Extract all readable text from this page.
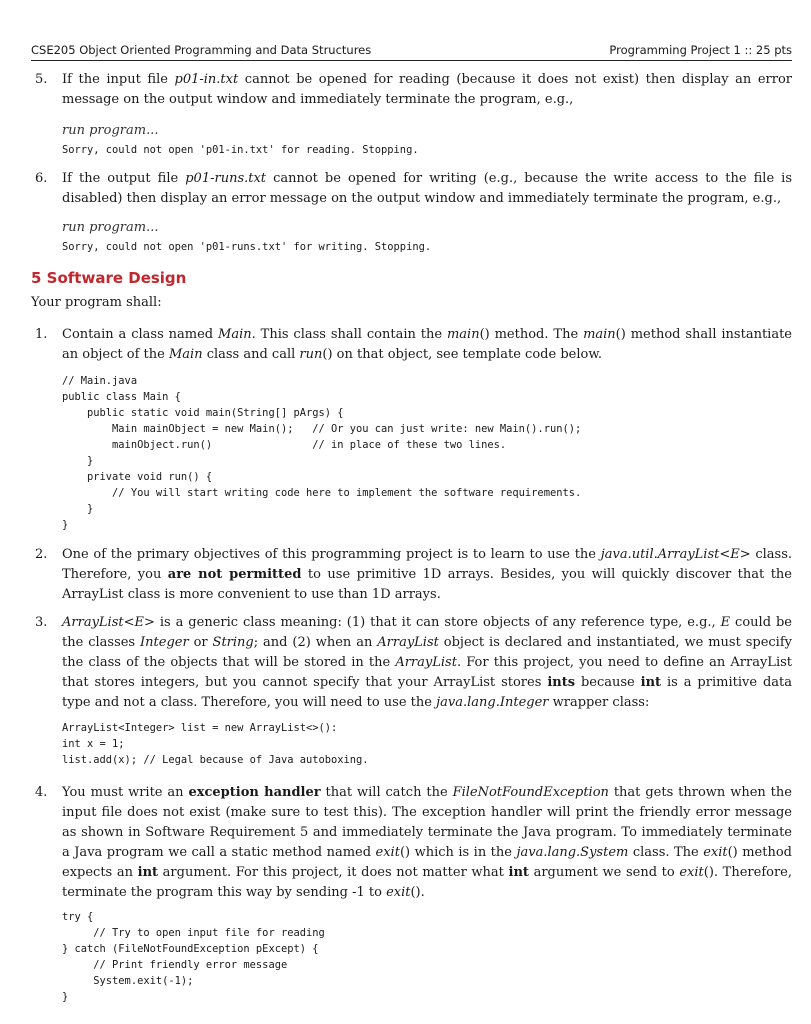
CSE205 Object Oriented Programming and Data Structures	Programming Project 1 :: 25 pts
5. If the input file p01-in.txt cannot be opened for reading (because it does not exist) then display an error message on the output window and immediately terminate the program, e.g.,
run program...
Sorry, could not open 'p01-in.txt' for reading. Stopping.
6. If the output file p01-runs.txt cannot be opened for writing (e.g., because the write access to the file is disabled) then display an error message on the output window and immediately terminate the program, e.g.,
run program...
Sorry, could not open 'p01-runs.txt' for writing. Stopping.
5 Software Design
Your program shall:
1. Contain a class named Main. This class shall contain the main() method. The main() method shall instantiate an object of the Main class and call run() on that object, see template code below.
// Main.java
public class Main {
public static void main(String[] pArgs) {
Main mainObject = new Main();   // Or you can just write: new Main().run();
mainObject.run()                // in place of these two lines.
}
private void run() {
// You will start writing code here to implement the software requirements.
}
}
2. One of the primary objectives of this programming project is to learn to use the java.util.ArrayList<E> class. Therefore, you are not permitted to use primitive 1D arrays. Besides, you will quickly discover that the ArrayList class is more convenient to use than 1D arrays.
3. ArrayList<E> is a generic class meaning: (1) that it can store objects of any reference type, e.g., E could be the classes Integer or String; and (2) when an ArrayList object is declared and instantiated, we must specify the class of the objects that will be stored in the ArrayList. For this project, you need to define an ArrayList that stores integers, but you cannot specify that your ArrayList stores ints because int is a primitive data type and not a class. Therefore, you will need to use the java.lang.Integer wrapper class:
ArrayList<Integer> list = new ArrayList<>():
int x = 1;
list.add(x); // Legal because of Java autoboxing.
4. You must write an exception handler that will catch the FileNotFoundException that gets thrown when the input file does not exist (make sure to test this). The exception handler will print the friendly error message as shown in Software Requirement 5 and immediately terminate the Java program. To immediately terminate a Java program we call a static method named exit() which is in the java.lang.System class. The exit() method expects an int argument. For this project, it does not matter what int argument we send to exit(). Therefore, terminate the program this way by sending -1 to exit().
try {
// Try to open input file for reading
} catch (FileNotFoundException pExcept) {
// Print friendly error message
System.exit(-1);
}
